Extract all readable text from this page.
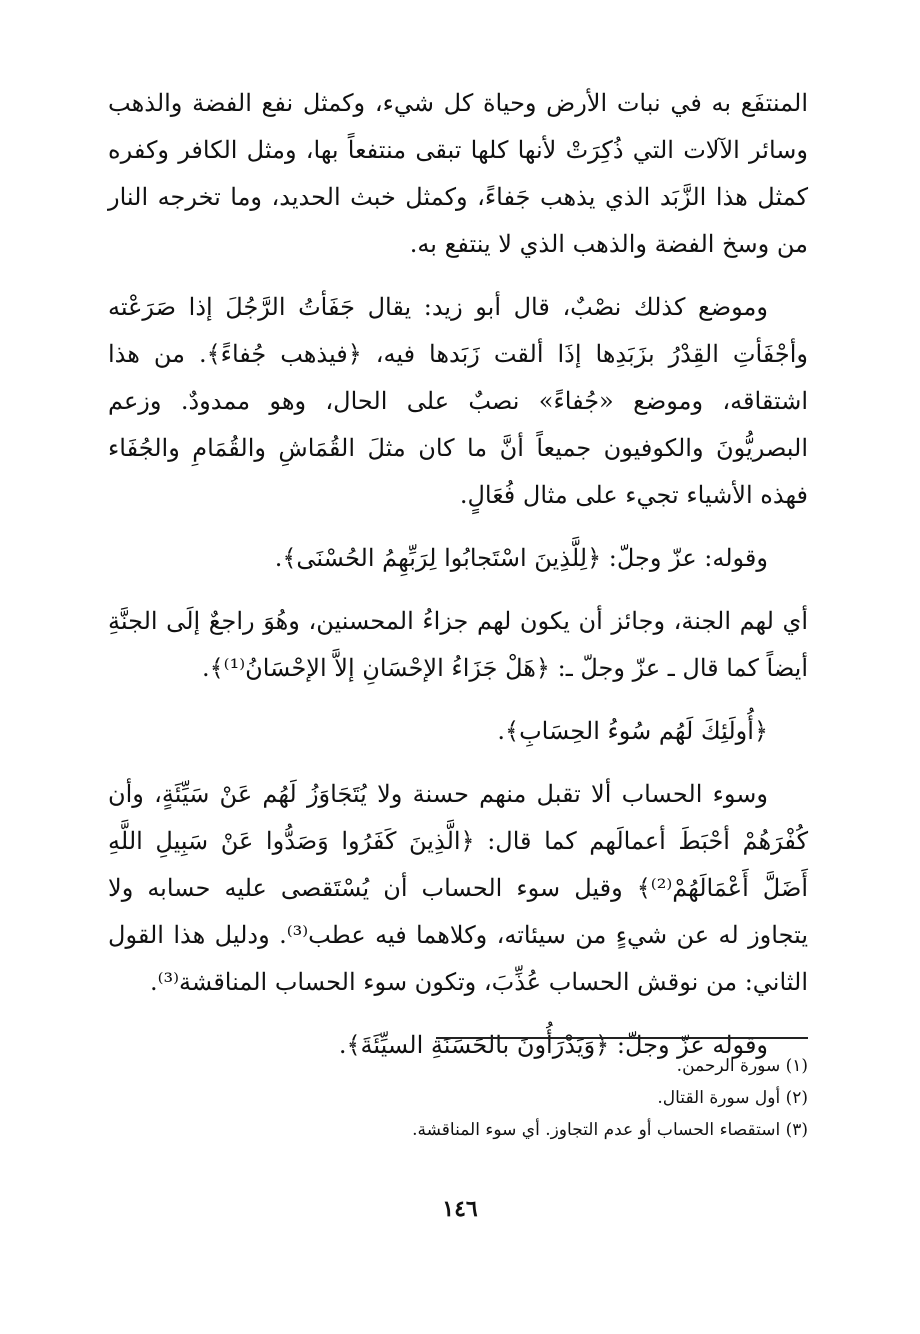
المنتفَع به في نبات الأرض وحياة كل شيء، وكمثل نفع الفضة والذهب وسائر الآلات التي ذُكِرَتْ لأنها كلها تبقى منتفعاً بها، ومثل الكافر وكفره كمثل هذا الزَّبَد الذي يذهب جَفاءً، وكمثل خبث الحديد، وما تخرجه النار من وسخ الفضة والذهب الذي لا ينتفع به.

وموضع كذلك نصْبٌ، قال أبو زيد: يقال جَفَأتُ الرَّجُلَ إذا صَرَعْته وأجْفَأتِ القِدْرُ بزَبَدِها إذَا ألقت زَبَدها فيه، ﴿فيذهب جُفاءً﴾. من هذا اشتقاقه، وموضع «جُفاءً» نصبٌ على الحال، وهو ممدودٌ. وزعم البصريُّونَ والكوفيون جميعاً أنَّ ما كان مثلَ القُمَاشِ والقُمَامِ والجُفَاء فهذه الأشياء تجيء على مثال فُعَالٍ.

وقوله: عزّ وجلّ: ﴿لِلَّذِينَ اسْتَجابُوا لِرَبِّهِمُ الحُسْنَى﴾.

أي لهم الجنة، وجائز أن يكون لهم جزاءُ المحسنين، وهُوَ راجعٌ إلَى الجنَّةِ أيضاً كما قال ـ عزّ وجلّ ـ: ﴿هَلْ جَزَاءُ الإحْسَانِ إلاَّ الإحْسَانُ⁽¹⁾﴾.

﴿أُولَئِكَ لَهُم سُوءُ الحِسَابِ﴾.

وسوء الحساب ألا تقبل منهم حسنة ولا يُتَجَاوَزُ لَهُم عَنْ سَيِّئَةٍ، وأن كُفْرَهُمْ أحْبَطَ أعمالَهم كما قال: ﴿الَّذِينَ كَفَرُوا وَصَدُّوا عَنْ سَبِيلِ اللَّهِ أَضَلَّ أَعْمَالَهُمْ⁽²⁾﴾ وقيل سوء الحساب أن يُسْتَقصى عليه حسابه ولا يتجاوز له عن شيءٍ من سيئاته، وكلاهما فيه عطب⁽³⁾. ودليل هذا القول الثاني: من نوقش الحساب عُذِّبَ، وتكون سوء الحساب المناقشة⁽³⁾.

وقوله عزّ وجلّ: ﴿وَيَدْرَأُونَ بالحَسَنَةِ السيِّئَةَ﴾.

(١) سورة الرحمن.

(٢) أول سورة القتال.

(٣) استقصاء الحساب أو عدم التجاوز. أي سوء المناقشة.

١٤٦
